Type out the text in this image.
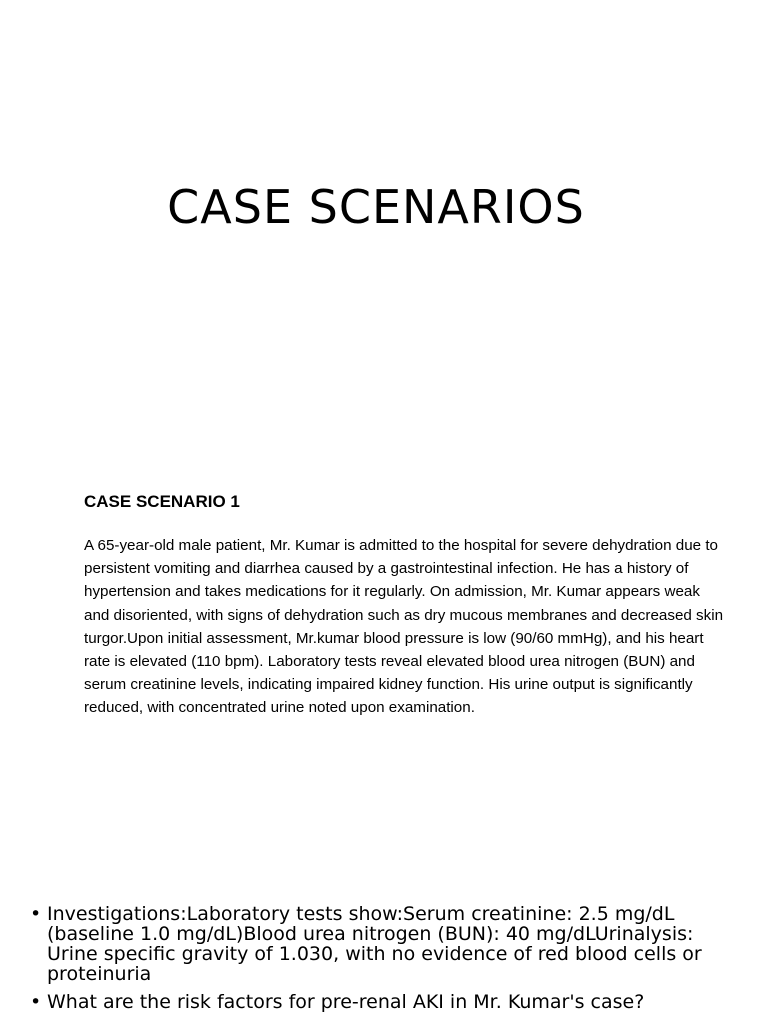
CASE SCENARIOS

CASE SCENARIO 1

A 65-year-old male patient, Mr. Kumar is admitted to the hospital for severe dehydration due to persistent vomiting and diarrhea caused by a gastrointestinal infection. He has a history of hypertension and takes medications for it regularly. On admission, Mr. Kumar appears weak and disoriented, with signs of dehydration such as dry mucous membranes and decreased skin turgor.Upon initial assessment, Mr.kumar blood pressure is low (90/60 mmHg), and his heart rate is elevated (110 bpm). Laboratory tests reveal elevated blood urea nitrogen (BUN) and serum creatinine levels, indicating impaired kidney function. His urine output is significantly reduced, with concentrated urine noted upon examination.

• Investigations:Laboratory tests show:Serum creatinine: 2.5 mg/dL (baseline 1.0 mg/dL)Blood urea nitrogen (BUN): 40 mg/dLUrinalysis: Urine specific gravity of 1.030, with no evidence of red blood cells or proteinuria
• What are the risk factors for pre-renal AKI in Mr. Kumar's case?
